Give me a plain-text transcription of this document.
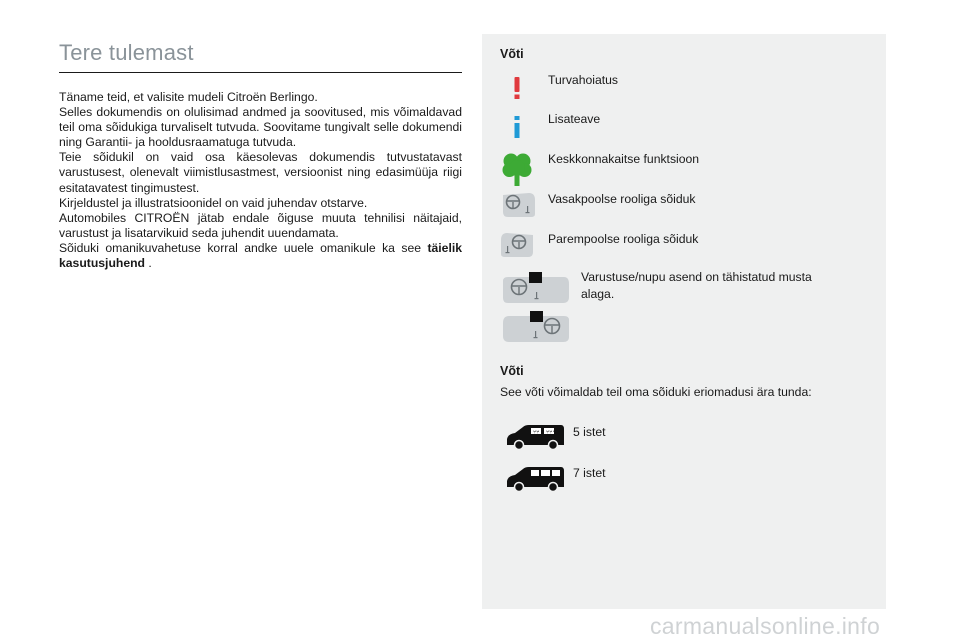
Tere tulemast

Täname teid, et valisite mudeli Citroën Berlingo.

Selles dokumendis on olulisimad andmed ja soovitused, mis võimaldavad teil oma sõidukiga turvaliselt tutvuda. Soovitame tungivalt selle dokumendi ning Garantii- ja hooldusraamatuga tutvuda.

Teie sõidukil on vaid osa käesolevas dokumendis tutvustatavast varustusest, olenevalt viimistlusastmest, versioonist ning edasimüüja riigi esitatavatest tingimustest.

Kirjeldustel ja illustratsioonidel on vaid juhendav otstarve.

Automobiles CITROËN jätab endale õiguse muuta tehnilisi näitajaid, varustust ja lisatarvikuid seda juhendit uuendamata.

Sõiduki omanikuvahetuse korral andke uuele omanikule ka see täielik kasutusjuhend .

Võti
Turvahoiatus
Lisateave
Keskkonnakaitse funktsioon
Vasakpoolse rooliga sõiduk
Parempoolse rooliga sõiduk
Varustuse/nupu asend on tähistatud musta alaga.
Võti
See võti võimaldab teil oma sõiduki eriomadusi ära tunda:
⑂⑂ ⑂⑂⑂ 5 istet
7 istet
carmanualsonline.info
